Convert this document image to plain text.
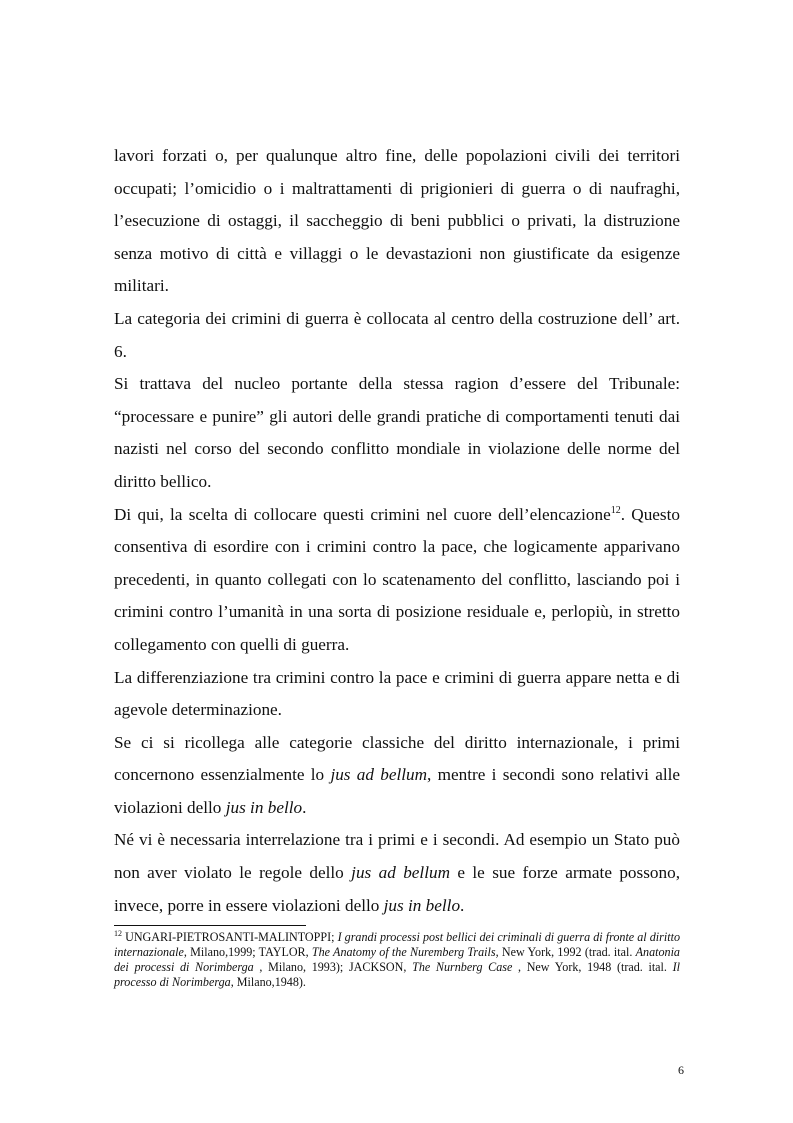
lavori forzati o, per qualunque altro fine, delle popolazioni civili dei territori occupati; l’omicidio o i maltrattamenti di prigionieri di guerra o di naufraghi, l’esecuzione di ostaggi, il saccheggio di beni pubblici o privati, la distruzione senza motivo di città e villaggi o le devastazioni non giustificate da esigenze militari.

La categoria dei crimini di guerra è collocata al centro della costruzione dell’ art. 6.

Si trattava del nucleo portante della stessa ragion d’essere del Tribunale: “processare e punire” gli autori delle grandi pratiche di comportamenti tenuti dai nazisti nel corso del secondo conflitto mondiale in violazione delle norme del diritto bellico.

Di qui, la scelta di collocare questi crimini nel cuore dell’elencazione$^{12}$. Questo consentiva di esordire con i crimini contro la pace, che logicamente apparivano precedenti, in quanto collegati con lo scatenamento del conflitto, lasciando poi i crimini contro l’umanità in una sorta di posizione residuale e, perlopiù, in stretto collegamento con quelli di guerra.

La differenziazione tra crimini contro la pace e crimini di guerra appare netta e di agevole determinazione.

Se ci si ricollega alle categorie classiche del diritto internazionale, i primi concernono essenzialmente lo jus ad bellum, mentre i secondi sono relativi alle violazioni dello jus in bello.

Né vi è necessaria interrelazione tra i primi e i secondi. Ad esempio un Stato può non aver violato le regole dello jus ad bellum e le sue forze armate possono, invece, porre in essere violazioni dello jus in bello.

$^{12}$ UNGARI-PIETROSANTI-MALINTOPPI; I grandi processi post bellici dei criminali di guerra di fronte al diritto internazionale, Milano,1999; TAYLOR, The Anatomy of the Nuremberg Trails, New York, 1992 (trad. ital. Anatonia dei processi di Norimberga , Milano, 1993); JACKSON, The Nurnberg Case , New York, 1948 (trad. ital. Il processo di Norimberga, Milano,1948).

6
